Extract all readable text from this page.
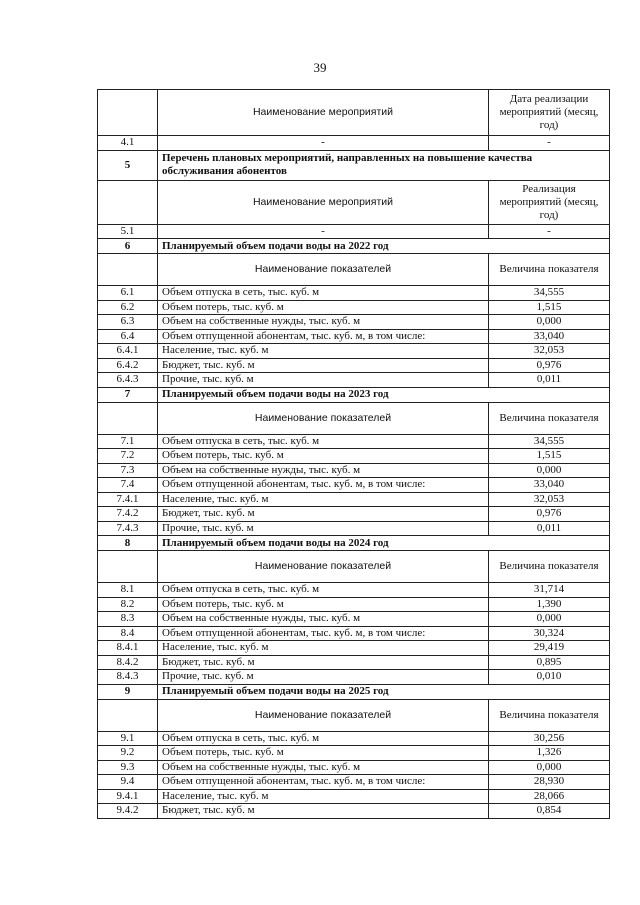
39
	Наименование мероприятий	Дата реализации мероприятий (месяц, год)
4.1	-	-
5	Перечень плановых мероприятий, направленных на повышение качества обслуживания абонентов	
	Наименование мероприятий	Реализация мероприятий (месяц, год)
5.1	-	-
6	Планируемый объем подачи воды на 2022 год	
	Наименование показателей	Величина показателя
6.1	Объем отпуска в сеть, тыс. куб. м	34,555
6.2	Объем потерь, тыс. куб. м	1,515
6.3	Объем на собственные нужды, тыс. куб. м	0,000
6.4	Объем отпущенной абонентам, тыс. куб. м, в том числе:	33,040
6.4.1	Население, тыс. куб. м	32,053
6.4.2	Бюджет, тыс. куб. м	0,976
6.4.3	Прочие, тыс. куб. м	0,011
7	Планируемый объем подачи воды на 2023 год	
	Наименование показателей	Величина показателя
7.1	Объем отпуска в сеть, тыс. куб. м	34,555
7.2	Объем потерь, тыс. куб. м	1,515
7.3	Объем на собственные нужды, тыс. куб. м	0,000
7.4	Объем отпущенной абонентам, тыс. куб. м, в том числе:	33,040
7.4.1	Население, тыс. куб. м	32,053
7.4.2	Бюджет, тыс. куб. м	0,976
7.4.3	Прочие, тыс. куб. м	0,011
8	Планируемый объем подачи воды на 2024 год	
	Наименование показателей	Величина показателя
8.1	Объем отпуска в сеть, тыс. куб. м	31,714
8.2	Объем потерь, тыс. куб. м	1,390
8.3	Объем на собственные нужды, тыс. куб. м	0,000
8.4	Объем отпущенной абонентам, тыс. куб. м, в том числе:	30,324
8.4.1	Население, тыс. куб. м	29,419
8.4.2	Бюджет, тыс. куб. м	0,895
8.4.3	Прочие, тыс. куб. м	0,010
9	Планируемый объем подачи воды на 2025 год	
	Наименование показателей	Величина показателя
9.1	Объем отпуска в сеть, тыс. куб. м	30,256
9.2	Объем потерь, тыс. куб. м	1,326
9.3	Объем на собственные нужды, тыс. куб. м	0,000
9.4	Объем отпущенной абонентам, тыс. куб. м, в том числе:	28,930
9.4.1	Население, тыс. куб. м	28,066
9.4.2	Бюджет, тыс. куб. м	0,854
